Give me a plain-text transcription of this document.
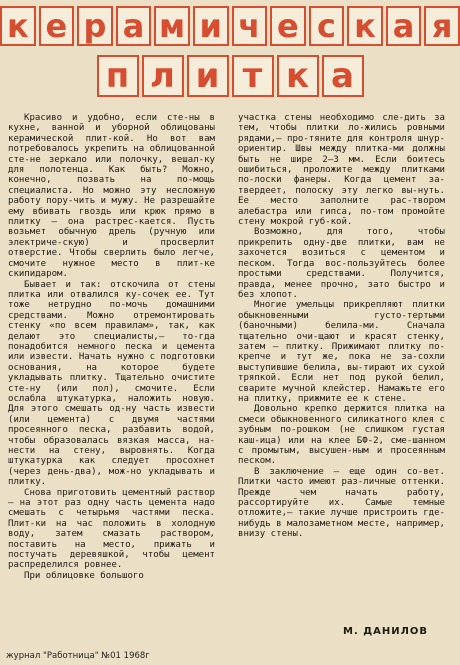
к е р а м и ч е с к а я
п л и т к а

Красиво и удобно, если сте-ны в кухне, ванной и уборной облицованы керамической плит-кой. Но вот вам потребовалось укрепить на облицованной сте-не зеркало или полочку, вешал-ку для полотенца. Как быть? Можно, конечно, позвать на по-мощь специалиста. Но можно эту несложную работу пору-чить и мужу. Не разрешайте ему вбивать гвоздь или крюк прямо в плитку — она растрес-кается. Пусть возьмет обычную дрель (ручную или электриче-скую) и просверлит отверстие. Чтобы сверлить было легче, смочите нужное место в плит-ке скипидаром.

Бывает и так: отскочила от стены плитка или отвалился ку-сочек ее. Тут тоже нетрудно по-мочь домашними средствами. Можно отремонтировать стенку «по всем правилам», так, как делают это специалисты,— то-гда понадобится немного песка и цемента или извести. Начать нужно с подготовки основания, на которое будете укладывать плитку. Тщательно очистите сте-ну (или пол), смочите. Если ослабла штукатурка, наложить новую. Для этого смешать од-ну часть извести (или цемента) с двумя частями просеянного песка, разбавить водой, чтобы образовалась вязкая масса, на-нести на стену, выровнять. Когда штукатурка как следует просохнет (через день-два), мож-но укладывать и плитку.

Снова приготовить цементный раствор — на этот раз одну часть цемента надо смешать с четырьмя частями песка. Плит-ки на час положить в холодную воду, затем смазать раствором, поставить на место, прижать и постучать деревяшкой, чтобы цемент распределился ровнее.

При облицовке большого

участка стены необходимо сле-дить за тем, чтобы плитки ло-жились ровными рядами,— про-тяните для контроля шнур-ориентир. Швы между плитка-ми должны быть не шире 2—3 мм. Если боитесь ошибиться, проложите между плитками по-лоски фанеры. Когда цемент за-твердеет, полоску эту легко вы-нуть. Ее место заполните рас-твором алебастра или гипса, по-том промойте стену мокрой губ-кой.

Возможно, для того, чтобы прикрепить одну-две плитки, вам не захочется возиться с цементом и песком. Тогда вос-пользуйтесь более простыми средствами. Получится, правда, менее прочно, зато быстро и без хлопот.

Многие умельцы прикрепляют плитки обыкновенными густо-тертыми (баночными) белила-ми. Сначала тщательно очи-щают и красят стенку, затем — плитку. Прижимают плитку по-крепче и тут же, пока не за-сохли выступившие белила, вы-тирают их сухой тряпкой. Если нет под рукой белил, сварите мучной клейстер. Намажьте его на плитку, прижмите ее к стене.

Довольно крепко держится плитка на смеси обыкновенного силикатного клея с зубным по-рошком (не слишком густая каш-ица) или на клее БФ-2, сме-шанном с промытым, высушен-ным и просеянным песком.

В заключение — еще один со-вет. Плитки часто имеют раз-личные оттенки. Прежде чем начать работу, рассортируйте их. Самые темные отложите,— такие лучше пристроить где-нибудь в малозаметном месте, например, внизу стены.

М. ДАНИЛОВ
журнал "Работница" №01 1968г
